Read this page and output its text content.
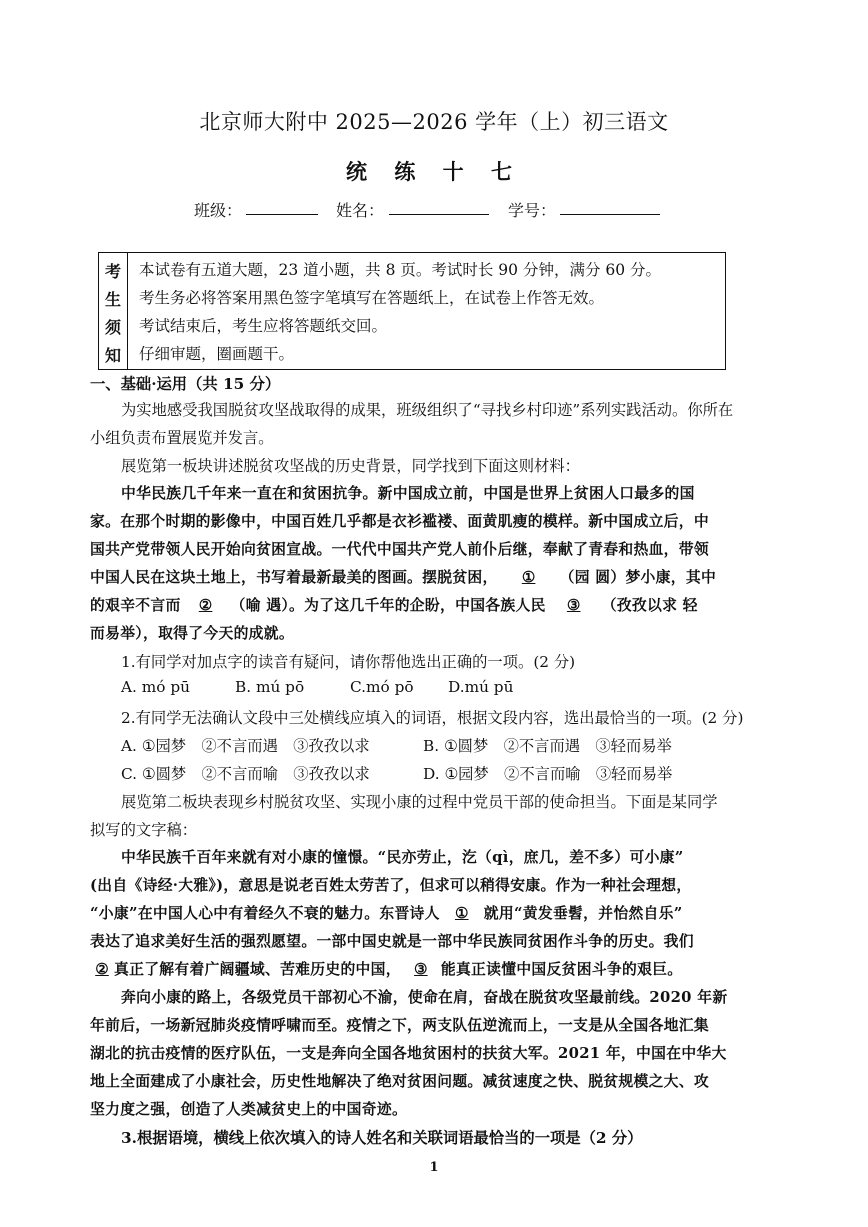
北京师大附中 2025—2026 学年（上）初三语文
统 练 十 七
班级：	姓名：	学号：
考
生
须
知
本试卷有五道大题，23 道小题，共 8 页。考试时长 90 分钟，满分 60 分。
考生务必将答案用黑色签字笔填写在答题纸上，在试卷上作答无效。
考试结束后，考生应将答题纸交回。
仔细审题，圈画题干。
一、基础·运用（共 15 分）
为实地感受我国脱贫攻坚战取得的成果，班级组织了“寻找乡村印迹”系列实践活动。你所在
小组负责布置展览并发言。
展览第一板块讲述脱贫攻坚战的历史背景，同学找到下面这则材料：
中华民族几千年来一直在和贫困抗争。新中国成立前，中国是世界上贫困人口最多的国
家。在那个时期的影像中，中国百姓几乎都是衣衫褴褛、面黄肌瘦的模样。新中国成立后，中
国共产党带领人民开始向贫困宣战。一代代中国共产党人前仆后继，奉献了青春和热血，带领
中国人民在这块土地上，书写着最新最美的图画。摆脱贫困， ① （园 圆）梦小康，其中
的艰辛不言而 ② （喻 遇）。为了这几千年的企盼，中国各族人民 ③ （孜孜以求 轻
而易举），取得了今天的成就。
1.有同学对加点字的读音有疑问，请你帮他选出正确的一项。(2 分)
A. mó pū	B. mú pō	C.mó pō D.mú pū
2.有同学无法确认文段中三处横线应填入的词语，根据文段内容，选出最恰当的一项。(2 分)
A. ①园梦　②不言而遇　③孜孜以求	B. ①圆梦　②不言而遇　③轻而易举
C. ①圆梦　②不言而喻　③孜孜以求	D. ①园梦　②不言而喻　③轻而易举
展览第二板块表现乡村脱贫攻坚、实现小康的过程中党员干部的使命担当。下面是某同学
拟写的文字稿：
中华民族千百年来就有对小康的憧憬。“民亦劳止，汔（qì，庶几，差不多）可小康”
(出自《诗经·大雅》)，意思是说老百姓太劳苦了，但求可以稍得安康。作为一种社会理想，
“小康”在中国人心中有着经久不衰的魅力。东晋诗人 ① 就用“黄发垂髫，并怡然自乐”
表达了追求美好生活的强烈愿望。一部中国史就是一部中华民族同贫困作斗争的历史。我们
② 真正了解有着广阔疆域、苦难历史的中国， ③ 能真正读懂中国反贫困斗争的艰巨。
奔向小康的路上，各级党员干部初心不渝，使命在肩，奋战在脱贫攻坚最前线。2020 年新
年前后，一场新冠肺炎疫情呼啸而至。疫情之下，两支队伍逆流而上，一支是从全国各地汇集
湖北的抗击疫情的医疗队伍，一支是奔向全国各地贫困村的扶贫大军。2021 年，中国在中华大
地上全面建成了小康社会，历史性地解决了绝对贫困问题。减贫速度之快、脱贫规模之大、攻
坚力度之强，创造了人类减贫史上的中国奇迹。
3.根据语境，横线上依次填入的诗人姓名和关联词语最恰当的一项是（2 分）
1
